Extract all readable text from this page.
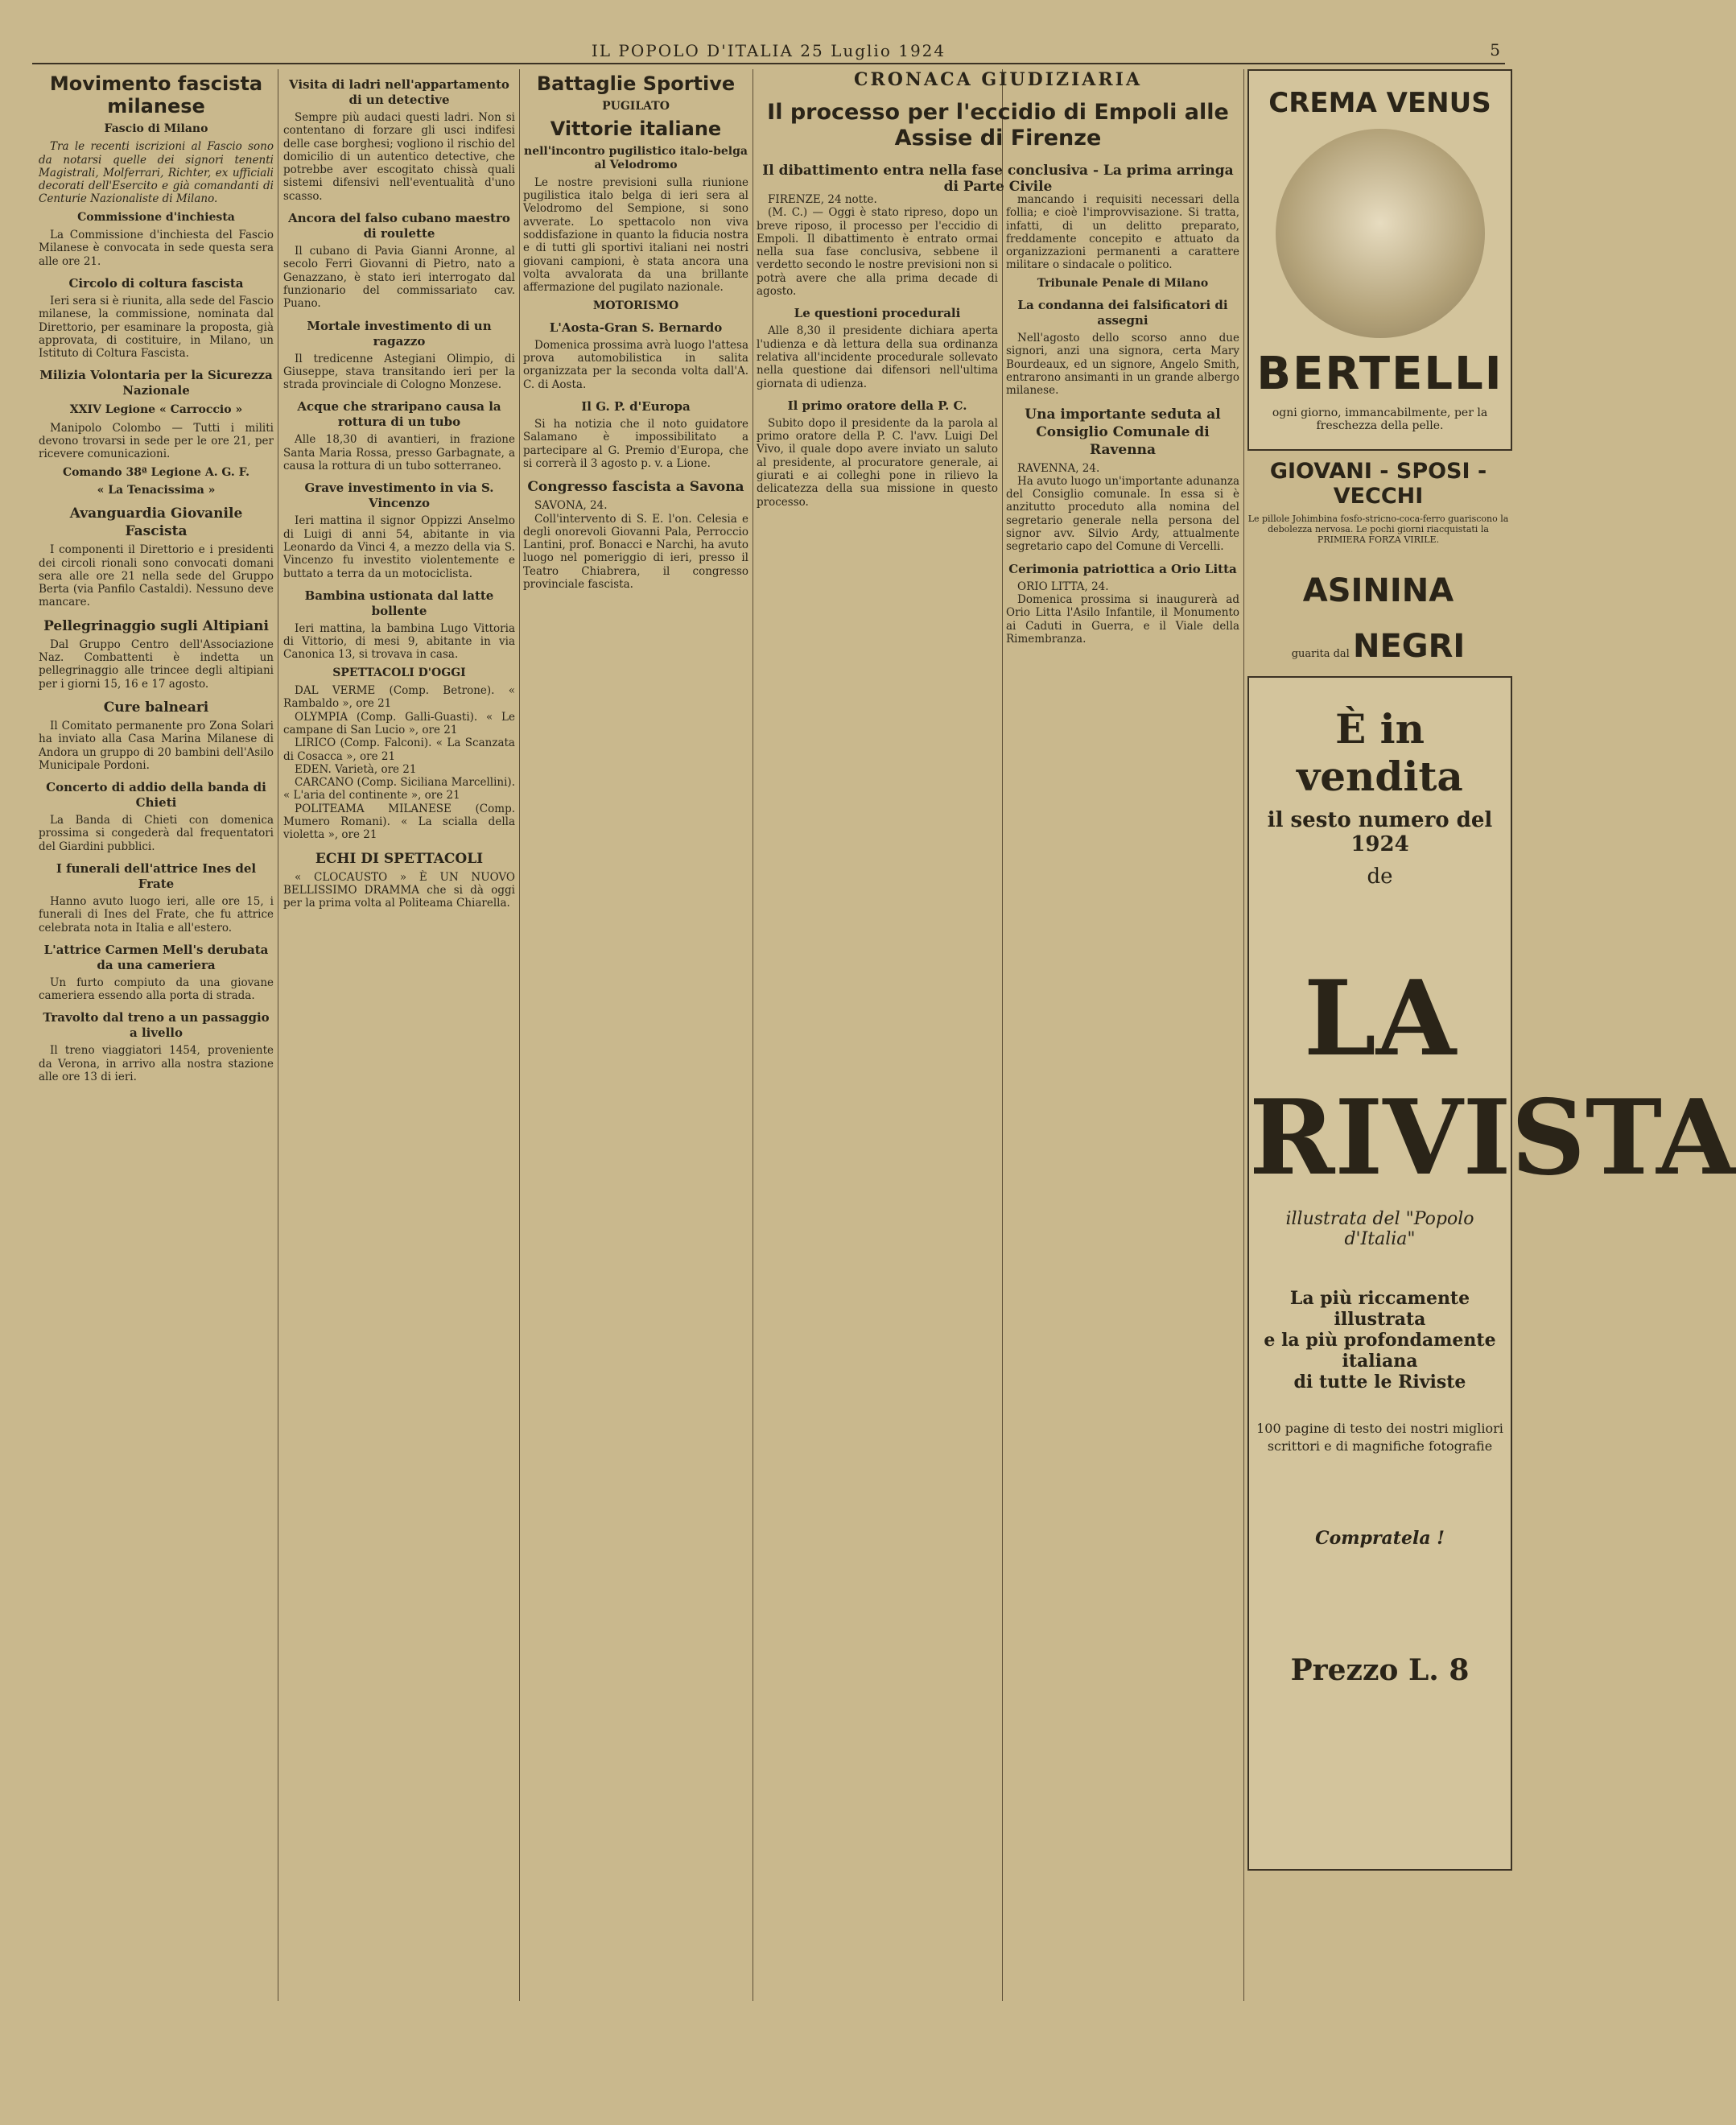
IL POPOLO D'ITALIA 25 Luglio 1924	5
Movimento fascista milanese
Fascio di Milano

Tra le recenti iscrizioni al Fascio sono da notarsi quelle dei signori tenenti Magistrali, Molferrari, Richter, ex ufficiali decorati dell'Esercito e già comandanti di Centurie Nazionaliste di Milano.

Commissione d'inchiesta

La Commissione d'inchiesta del Fascio Milanese è convocata in sede questa sera alle ore 21.

Circolo di coltura fascista

Ieri sera si è riunita, alla sede del Fascio milanese, la commissione, nominata dal Direttorio, per esaminare la proposta, già approvata, di costituire, in Milano, un Istituto di Coltura Fascista.

Milizia Volontaria per la Sicurezza Nazionale
XXIV Legione « Carroccio »

Manipolo Colombo — Tutti i militi devono trovarsi in sede per le ore 21, per ricevere comunicazioni.

Comando 38ª Legione A. G. F.
« La Tenacissima »
Avanguardia Giovanile Fascista

I componenti il Direttorio e i presidenti dei circoli rionali sono convocati domani sera alle ore 21 nella sede del Gruppo Berta (via Panfilo Castaldi). Nessuno deve mancare.

Pellegrinaggio sugli Altipiani

Dal Gruppo Centro dell'Associazione Naz. Combattenti è indetta un pellegrinaggio alle trincee degli altipiani per i giorni 15, 16 e 17 agosto.

Cure balneari

Il Comitato permanente pro Zona Solari ha inviato alla Casa Marina Milanese di Andora un gruppo di 20 bambini dell'Asilo Municipale Pordoni.

Concerto di addio della banda di Chieti

La Banda di Chieti con domenica prossima si congederà dal frequentatori del Giardini pubblici.

I funerali dell'attrice Ines del Frate

Hanno avuto luogo ieri, alle ore 15, i funerali di Ines del Frate, che fu attrice celebrata nota in Italia e all'estero.

L'attrice Carmen Mell's derubata da una cameriera

Un furto compiuto da una giovane cameriera essendo alla porta di strada.

Travolto dal treno a un passaggio a livello

Il treno viaggiatori 1454, proveniente da Verona, in arrivo alla nostra stazione alle ore 13 di ieri.

Visita di ladri nell'appartamento di un detective

Sempre più audaci questi ladri. Non si contentano di forzare gli usci indifesi delle case borghesi; vogliono il rischio del domicilio di un autentico detective, che potrebbe aver escogitato chissà quali sistemi difensivi nell'eventualità d'uno scasso.

Ancora del falso cubano maestro di roulette

Il cubano di Pavia Gianni Aronne, al secolo Ferri Giovanni di Pietro, nato a Genazzano, è stato ieri interrogato dal funzionario del commissariato cav. Puano.

Mortale investimento di un ragazzo

Il tredicenne Astegiani Olimpio, di Giuseppe, stava transitando ieri per la strada provinciale di Cologno Monzese.

Acque che straripano causa la rottura di un tubo

Alle 18,30 di avantieri, in frazione Santa Maria Rossa, presso Garbagnate, a causa la rottura di un tubo sotterraneo.

Grave investimento in via S. Vincenzo

Ieri mattina il signor Oppizzi Anselmo di Luigi di anni 54, abitante in via Leonardo da Vinci 4, a mezzo della via S. Vincenzo fu investito violentemente e buttato a terra da un motociclista.

Bambina ustionata dal latte bollente

Ieri mattina, la bambina Lugo Vittoria di Vittorio, di mesi 9, abitante in via Canonica 13, si trovava in casa.

SPETTACOLI D'OGGI

DAL VERME (Comp. Betrone). « Rambaldo », ore 21

OLYMPIA (Comp. Galli-Guasti). « Le campane di San Lucio », ore 21

LIRICO (Comp. Falconi). « La Scanzata di Cosacca », ore 21

EDEN. Varietà, ore 21

CARCANO (Comp. Siciliana Marcellini). « L'aria del continente », ore 21

POLITEAMA MILANESE (Comp. Mumero Romani). « La scialla della violetta », ore 21

ECHI DI SPETTACOLI

« CLOCAUSTO » È UN NUOVO BELLISSIMO DRAMMA che si dà oggi per la prima volta al Politeama Chiarella.

Battaglie Sportive
PUGILATO
Vittorie italiane
nell'incontro pugilistico italo-belga al Velodromo

Le nostre previsioni sulla riunione pugilistica italo belga di ieri sera al Velodromo del Sempione, si sono avverate. Lo spettacolo non viva soddisfazione in quanto la fiducia nostra e di tutti gli sportivi italiani nei nostri giovani campioni, è stata ancora una volta avvalorata da una brillante affermazione del pugilato nazionale.

MOTORISMO
L'Aosta-Gran S. Bernardo

Domenica prossima avrà luogo l'attesa prova automobilistica in salita organizzata per la seconda volta dall'A. C. di Aosta.

Il G. P. d'Europa

Si ha notizia che il noto guidatore Salamano è impossibilitato a partecipare al G. Premio d'Europa, che si correrà il 3 agosto p. v. a Lione.

Congresso fascista a Savona

SAVONA, 24.

Coll'intervento di S. E. l'on. Celesia e degli onorevoli Giovanni Pala, Perroccio Lantini, prof. Bonacci e Narchi, ha avuto luogo nel pomeriggio di ieri, presso il Teatro Chiabrera, il congresso provinciale fascista.

CRONACA GIUDIZIARIA
Il processo per l'eccidio di Empoli alle Assise di Firenze
Il dibattimento entra nella fase conclusiva - La prima arringa di Parte Civile

FIRENZE, 24 notte.

(M. C.) — Oggi è stato ripreso, dopo un breve riposo, il processo per l'eccidio di Empoli. Il dibattimento è entrato ormai nella sua fase conclusiva, sebbene il verdetto secondo le nostre previsioni non si potrà avere che alla prima decade di agosto.

Le questioni procedurali

Alle 8,30 il presidente dichiara aperta l'udienza e dà lettura della sua ordinanza relativa all'incidente procedurale sollevato nella questione dai difensori nell'ultima giornata di udienza.

Il primo oratore della P. C.

Subito dopo il presidente da la parola al primo oratore della P. C. l'avv. Luigi Del Vivo, il quale dopo avere inviato un saluto al presidente, al procuratore generale, ai giurati e ai colleghi pone in rilievo la delicatezza della sua missione in questo processo.

mancando i requisiti necessari della follia; e cioè l'improvvisazione. Si tratta, infatti, di un delitto preparato, freddamente concepito e attuato da organizzazioni permanenti a carattere militare o sindacale o politico.

Tribunale Penale di Milano
La condanna dei falsificatori di assegni

Nell'agosto dello scorso anno due signori, anzi una signora, certa Mary Bourdeaux, ed un signore, Angelo Smith, entrarono ansimanti in un grande albergo milanese.

Una importante seduta al Consiglio Comunale di Ravenna

RAVENNA, 24.

Ha avuto luogo un'importante adunanza del Consiglio comunale. In essa si è anzitutto proceduto alla nomina del segretario generale nella persona del signor avv. Silvio Ardy, attualmente segretario capo del Comune di Vercelli.

Cerimonia patriottica a Orio Litta

ORIO LITTA, 24.

Domenica prossima si inaugurerà ad Orio Litta l'Asilo Infantile, il Monumento ai Caduti in Guerra, e il Viale della Rimembranza.

CREMA VENUS
BERTELLI
ogni giorno, immancabilmente, per la freschezza della pelle.
GIOVANI - SPOSI - VECCHI
Le pillole Johimbina fosfo-stricno-coca-ferro guariscono la debolezza nervosa. Le pochi giorni riacquistati la PRIMIERA FORZA VIRILE.
ASININA
guarita dal NEGRI
È in vendita
il sesto numero del 1924
de
LA
RIVISTA
illustrata del "Popolo d'Italia"
La più riccamente illustrata
e la più profondamente italiana
di tutte le Riviste
100 pagine di testo dei nostri migliori scrittori e di magnifiche fotografie
Compratela !
Prezzo L. 8
